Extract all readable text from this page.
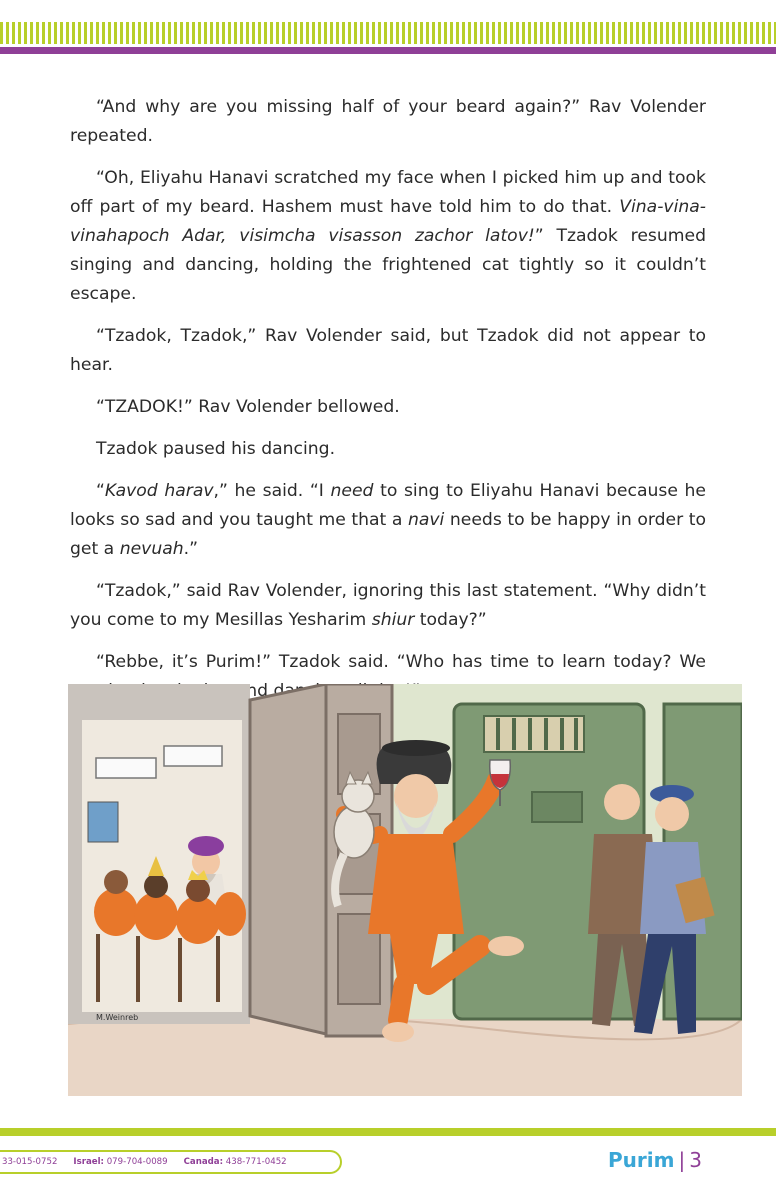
“And why are you missing half of your beard again?” Rav Volender repeated.

“Oh, Eliyahu Hanavi scratched my face when I picked him up and took off part of my beard. Hashem must have told him to do that. Vina-vina-vinahapoch Adar, visimcha visasson zachor latov!” Tzadok resumed singing and dancing, holding the frightened cat tightly so it couldn’t escape.

“Tzadok, Tzadok,” Rav Volender said, but Tzadok did not appear to hear.

“TZADOK!” Rav Volender bellowed.

Tzadok paused his dancing.

“Kavod harav,” he said. “I need to sing to Eliyahu Hanavi because he looks so sad and you taught me that a navi needs to be happy in order to get a nevuah.”

“Tzadok,” said Rav Volender, ignoring this last statement. “Why didn’t you come to my Mesillas Yesharim shiur today?”

“Rebbe, it’s Purim!” Tzadok said. “Who has time to learn today? We and

M.Weinreb
33-015-0752 Israel: 079-704-0089 Canada: 438-771-0452	Purim | 3
